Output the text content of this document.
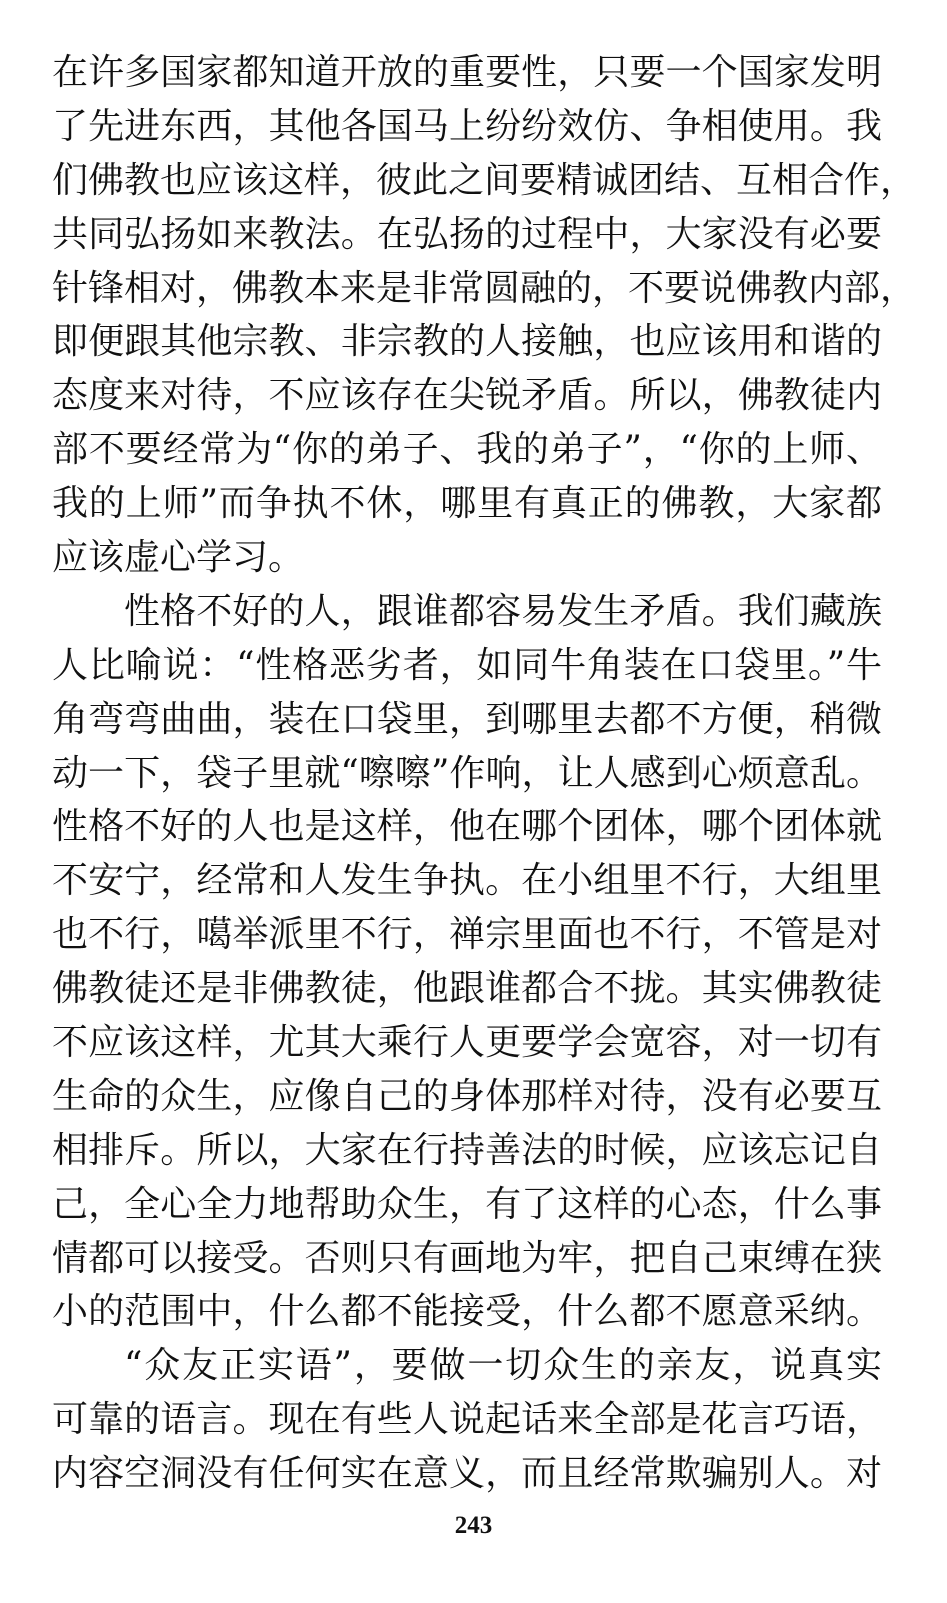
在许多国家都知道开放的重要性，只要一个国家发明
了先进东西，其他各国马上纷纷效仿、争相使用。我
们佛教也应该这样，彼此之间要精诚团结、互相合作，
共同弘扬如来教法。在弘扬的过程中，大家没有必要
针锋相对，佛教本来是非常圆融的，不要说佛教内部，
即便跟其他宗教、非宗教的人接触，也应该用和谐的
态度来对待，不应该存在尖锐矛盾。所以，佛教徒内
部不要经常为“你的弟子、我的弟子”，“你的上师、
我的上师”而争执不休，哪里有真正的佛教，大家都
应该虚心学习。
性格不好的人，跟谁都容易发生矛盾。我们藏族
人比喻说：“性格恶劣者，如同牛角装在口袋里。”牛
角弯弯曲曲，装在口袋里，到哪里去都不方便，稍微
动一下，袋子里就“嚓嚓”作响，让人感到心烦意乱。
性格不好的人也是这样，他在哪个团体，哪个团体就
不安宁，经常和人发生争执。在小组里不行，大组里
也不行，噶举派里不行，禅宗里面也不行，不管是对
佛教徒还是非佛教徒，他跟谁都合不拢。其实佛教徒
不应该这样，尤其大乘行人更要学会宽容，对一切有
生命的众生，应像自己的身体那样对待，没有必要互
相排斥。所以，大家在行持善法的时候，应该忘记自
己，全心全力地帮助众生，有了这样的心态，什么事
情都可以接受。否则只有画地为牢，把自己束缚在狭
小的范围中，什么都不能接受，什么都不愿意采纳。
“众友正实语”，要做一切众生的亲友，说真实
可靠的语言。现在有些人说起话来全部是花言巧语，
内容空洞没有任何实在意义，而且经常欺骗别人。对
243
